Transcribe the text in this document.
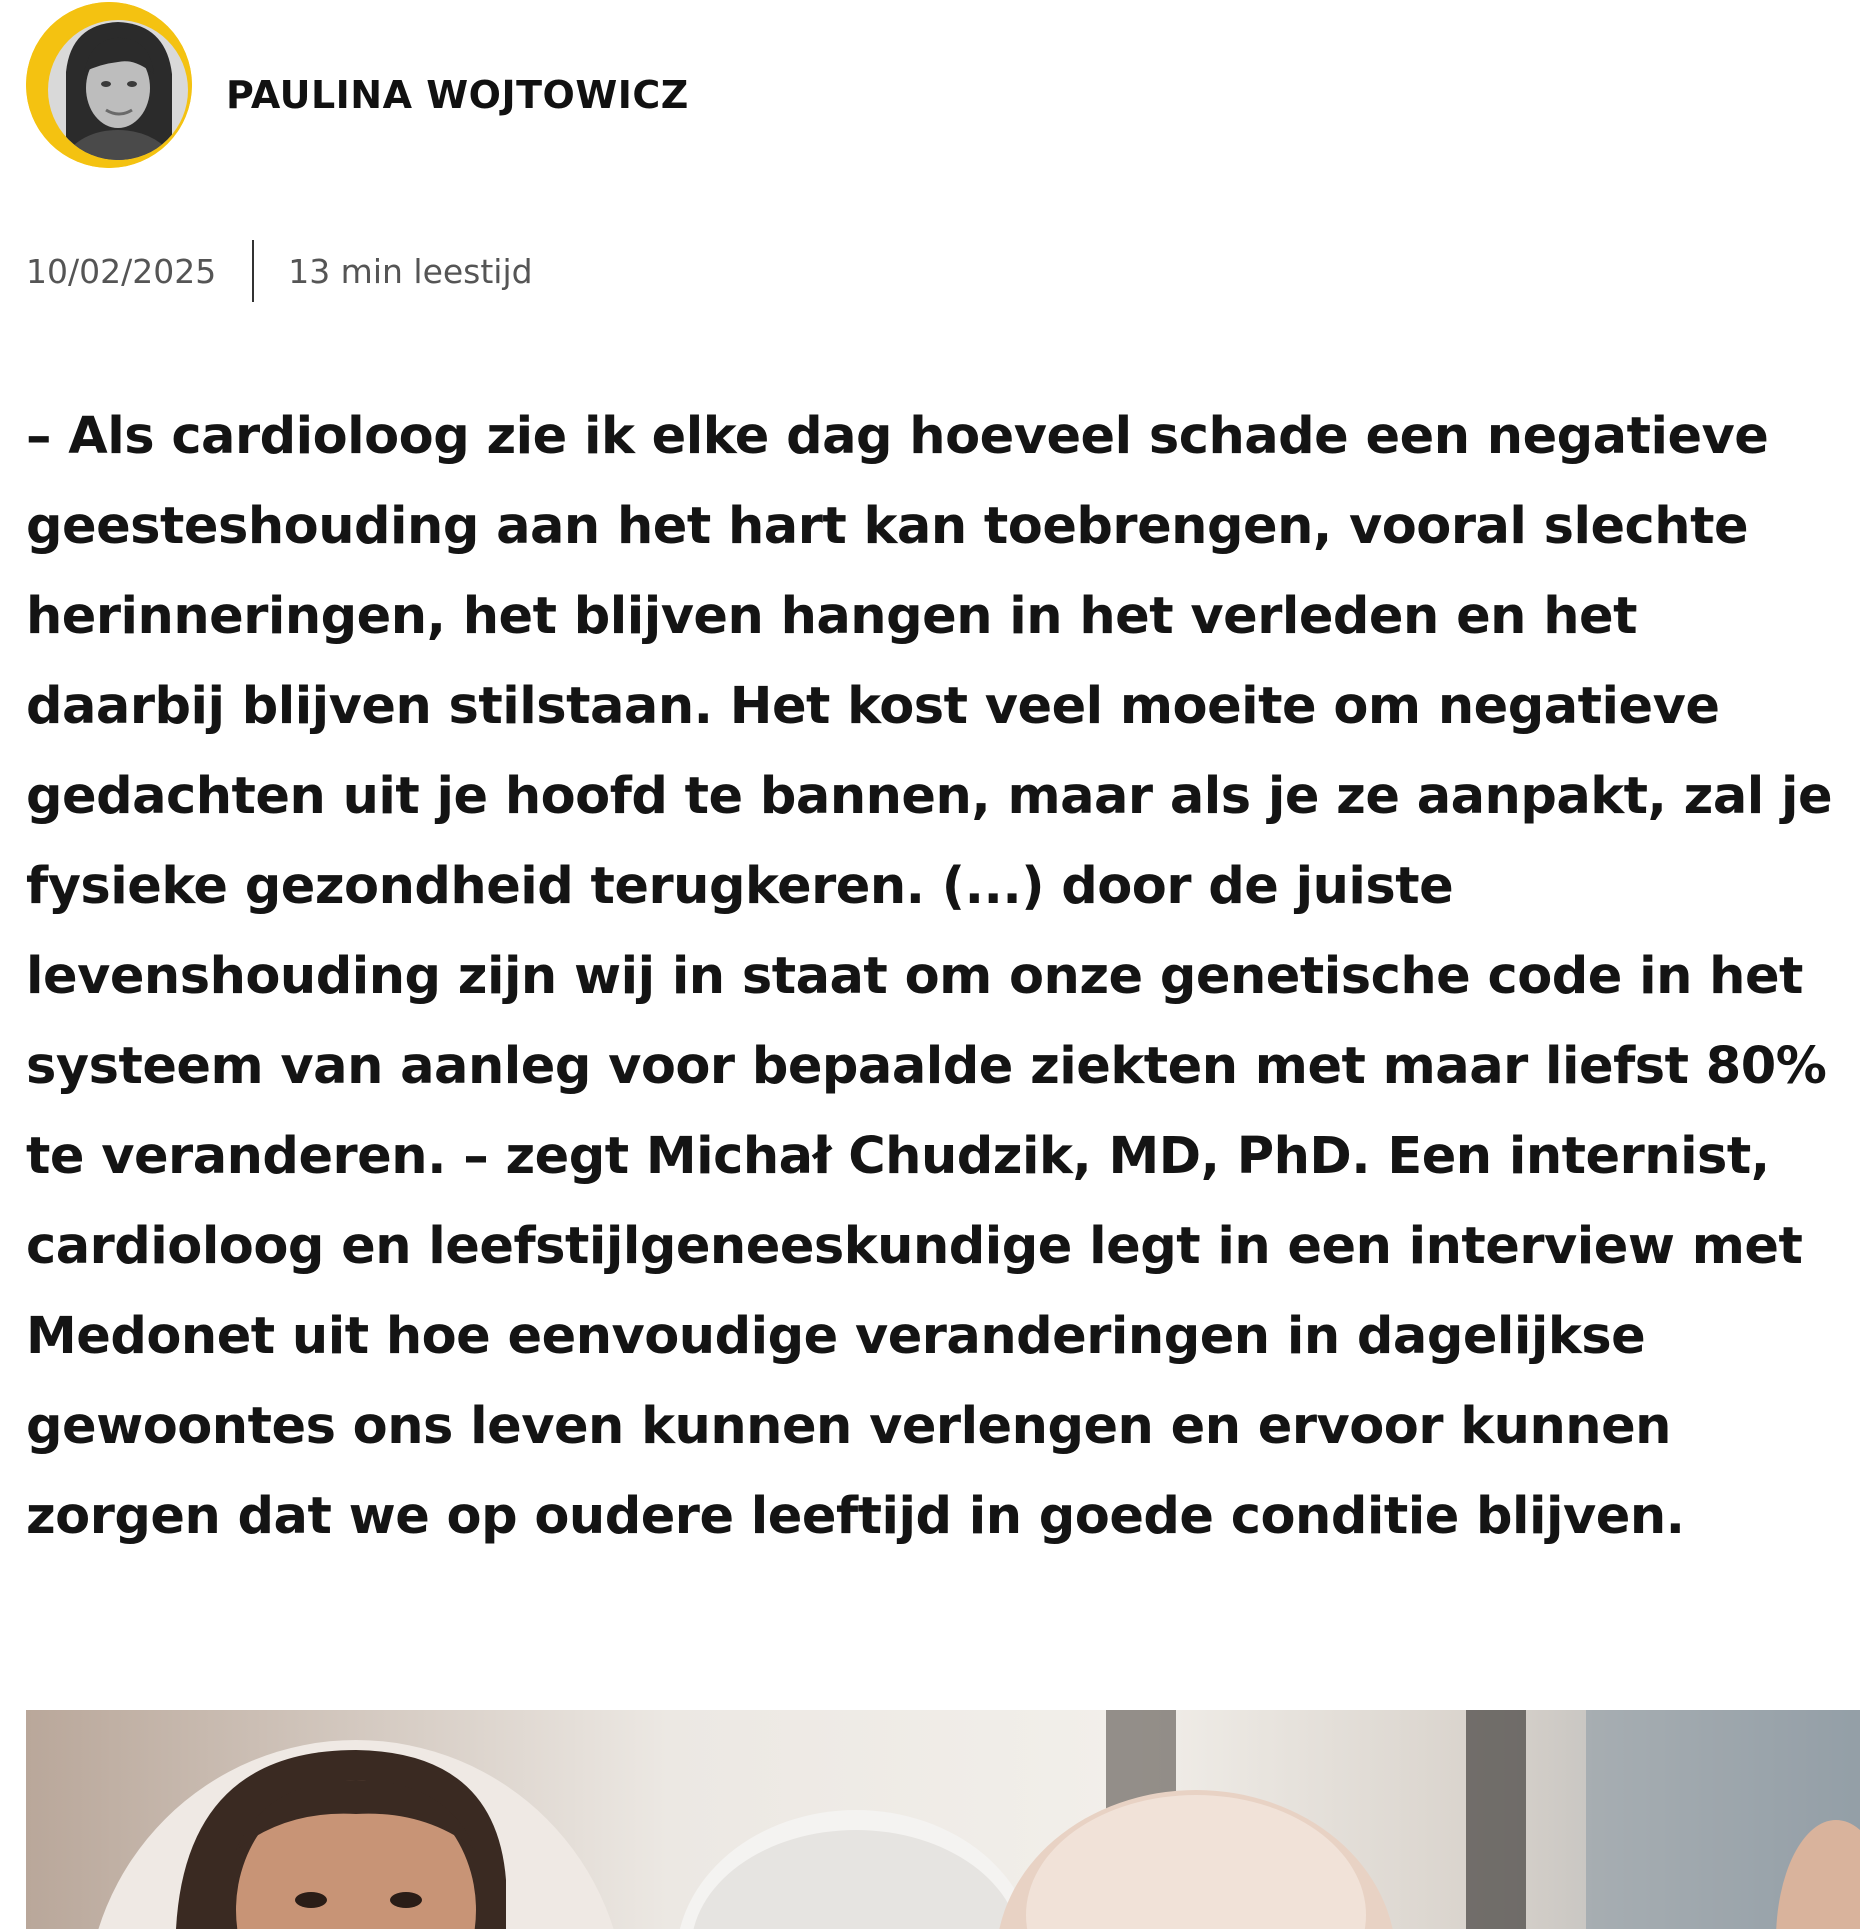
PAULINA WOJTOWICZ
10/02/2025 13 min leestijd

– Als cardioloog zie ik elke dag hoeveel schade een negatieve geesteshouding aan het hart kan toebrengen, vooral slechte herinneringen, het blijven hangen in het verleden en het daarbij blijven stilstaan. Het kost veel moeite om negatieve gedachten uit je hoofd te bannen, maar als je ze aanpakt, zal je fysieke gezondheid terugkeren. (...) door de juiste levenshouding zijn wij in staat om onze genetische code in het systeem van aanleg voor bepaalde ziekten met maar liefst 80% te veranderen. – zegt Michał Chudzik, MD, PhD. Een internist, cardioloog en leefstijlgeneeskundige legt in een interview met Medonet uit hoe eenvoudige veranderingen in dagelijkse gewoontes ons leven kunnen verlengen en ervoor kunnen zorgen dat we op oudere leeftijd in goede conditie blijven.
